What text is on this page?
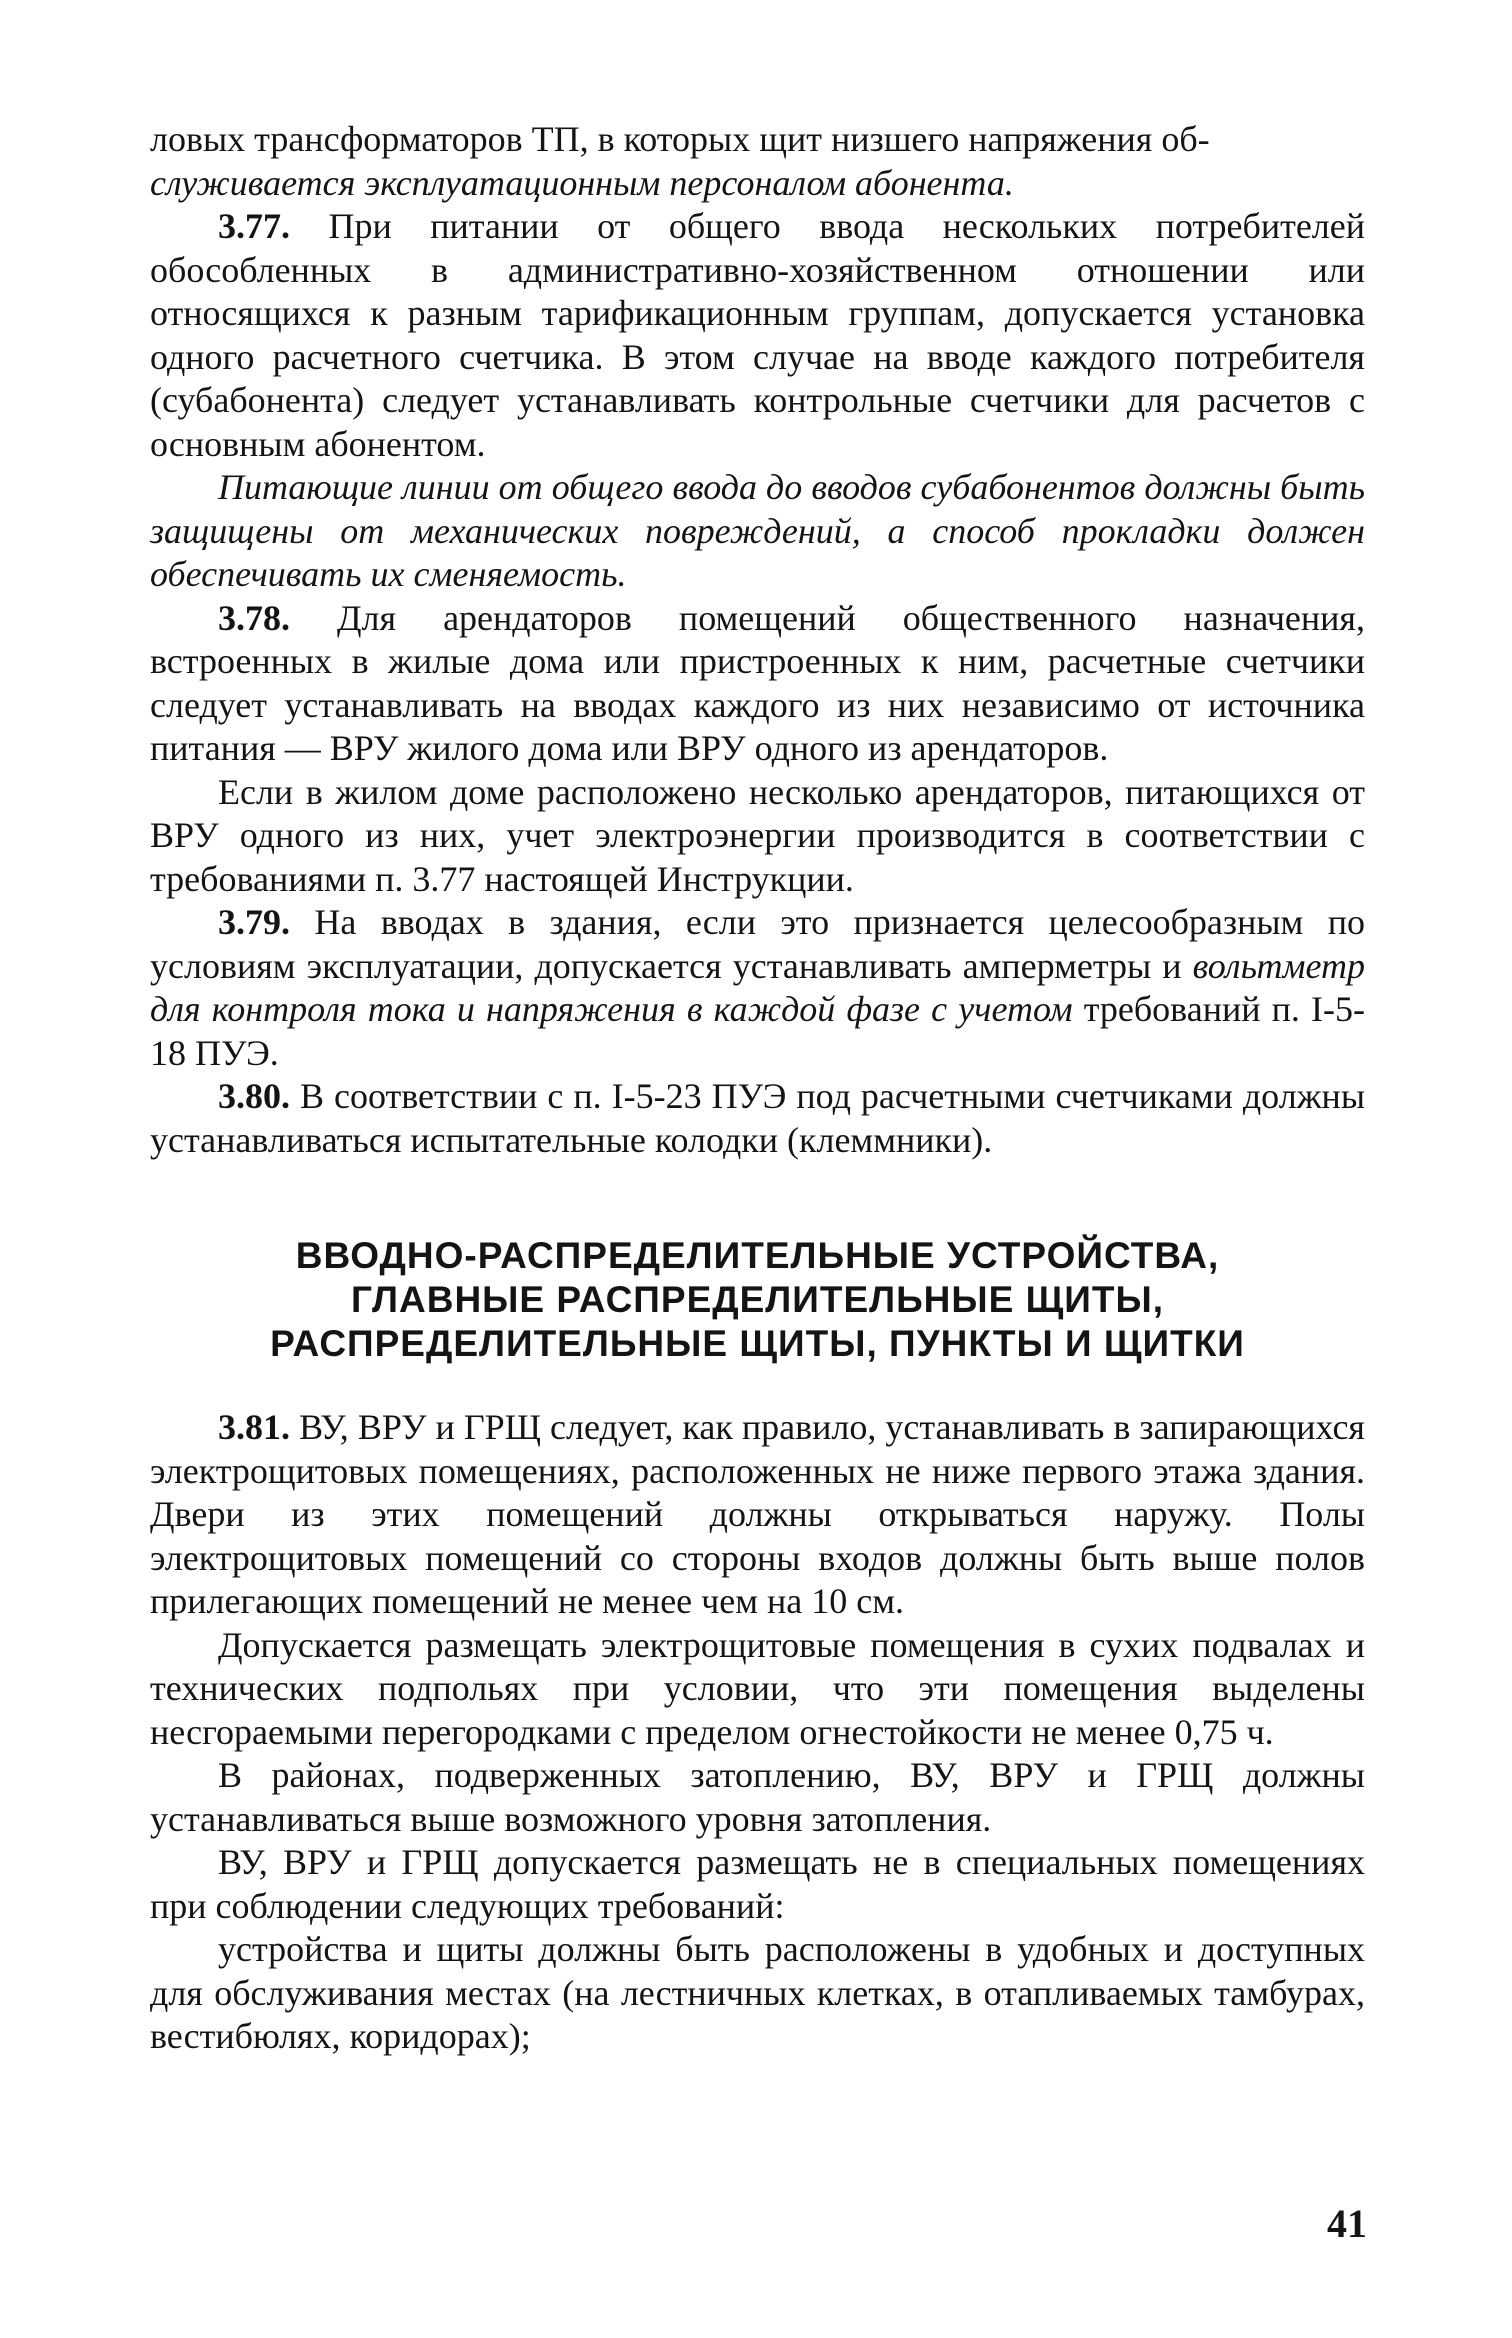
ловых трансформаторов ТП, в которых щит низшего напряжения об-

служивается эксплуатационным персоналом абонента.

3.77. При питании от общего ввода нескольких потребителей обособленных в административно-хозяйственном отношении или относящихся к разным тарификационным группам, допускается установка одного расчетного счетчика. В этом случае на вводе каждого потребителя (субабонента) следует устанавливать контрольные счетчики для расчетов с основным абонентом.

Питающие линии от общего ввода до вводов субабонентов должны быть защищены от механических повреждений, а способ прокладки должен обеспечивать их сменяемость.

3.78. Для арендаторов помещений общественного назначения, встроенных в жилые дома или пристроенных к ним, расчетные счетчики следует устанавливать на вводах каждого из них независимо от источника питания — ВРУ жилого дома или ВРУ одного из арендаторов.

Если в жилом доме расположено несколько арендаторов, питающихся от ВРУ одного из них, учет электроэнергии производится в соответствии с требованиями п. 3.77 настоящей Инструкции.

3.79. На вводах в здания, если это признается целесообразным по условиям эксплуатации, допускается устанавливать амперметры и вольтметр для контроля тока и напряжения в каждой фазе с учетом требований п. I-5-18 ПУЭ.

3.80. В соответствии с п. I-5-23 ПУЭ под расчетными счетчиками должны устанавливаться испытательные колодки (клеммники).

ВВОДНО-РАСПРЕДЕЛИТЕЛЬНЫЕ УСТРОЙСТВА,
ГЛАВНЫЕ РАСПРЕДЕЛИТЕЛЬНЫЕ ЩИТЫ,
РАСПРЕДЕЛИТЕЛЬНЫЕ ЩИТЫ, ПУНКТЫ И ЩИТКИ

3.81. ВУ, ВРУ и ГРЩ следует, как правило, устанавливать в запирающихся электрощитовых помещениях, расположенных не ниже первого этажа здания. Двери из этих помещений должны открываться наружу. Полы электрощитовых помещений со стороны входов должны быть выше полов прилегающих помещений не менее чем на 10 см.

Допускается размещать электрощитовые помещения в сухих подвалах и технических подпольях при условии, что эти помещения выделены несгораемыми перегородками с пределом огнестойкости не менее 0,75 ч.

В районах, подверженных затоплению, ВУ, ВРУ и ГРЩ должны устанавливаться выше возможного уровня затопления.

ВУ, ВРУ и ГРЩ допускается размещать не в специальных помещениях при соблюдении следующих требований:

устройства и щиты должны быть расположены в удобных и доступных для обслуживания местах (на лестничных клетках, в отапливаемых тамбурах, вестибюлях, коридорах);

41
